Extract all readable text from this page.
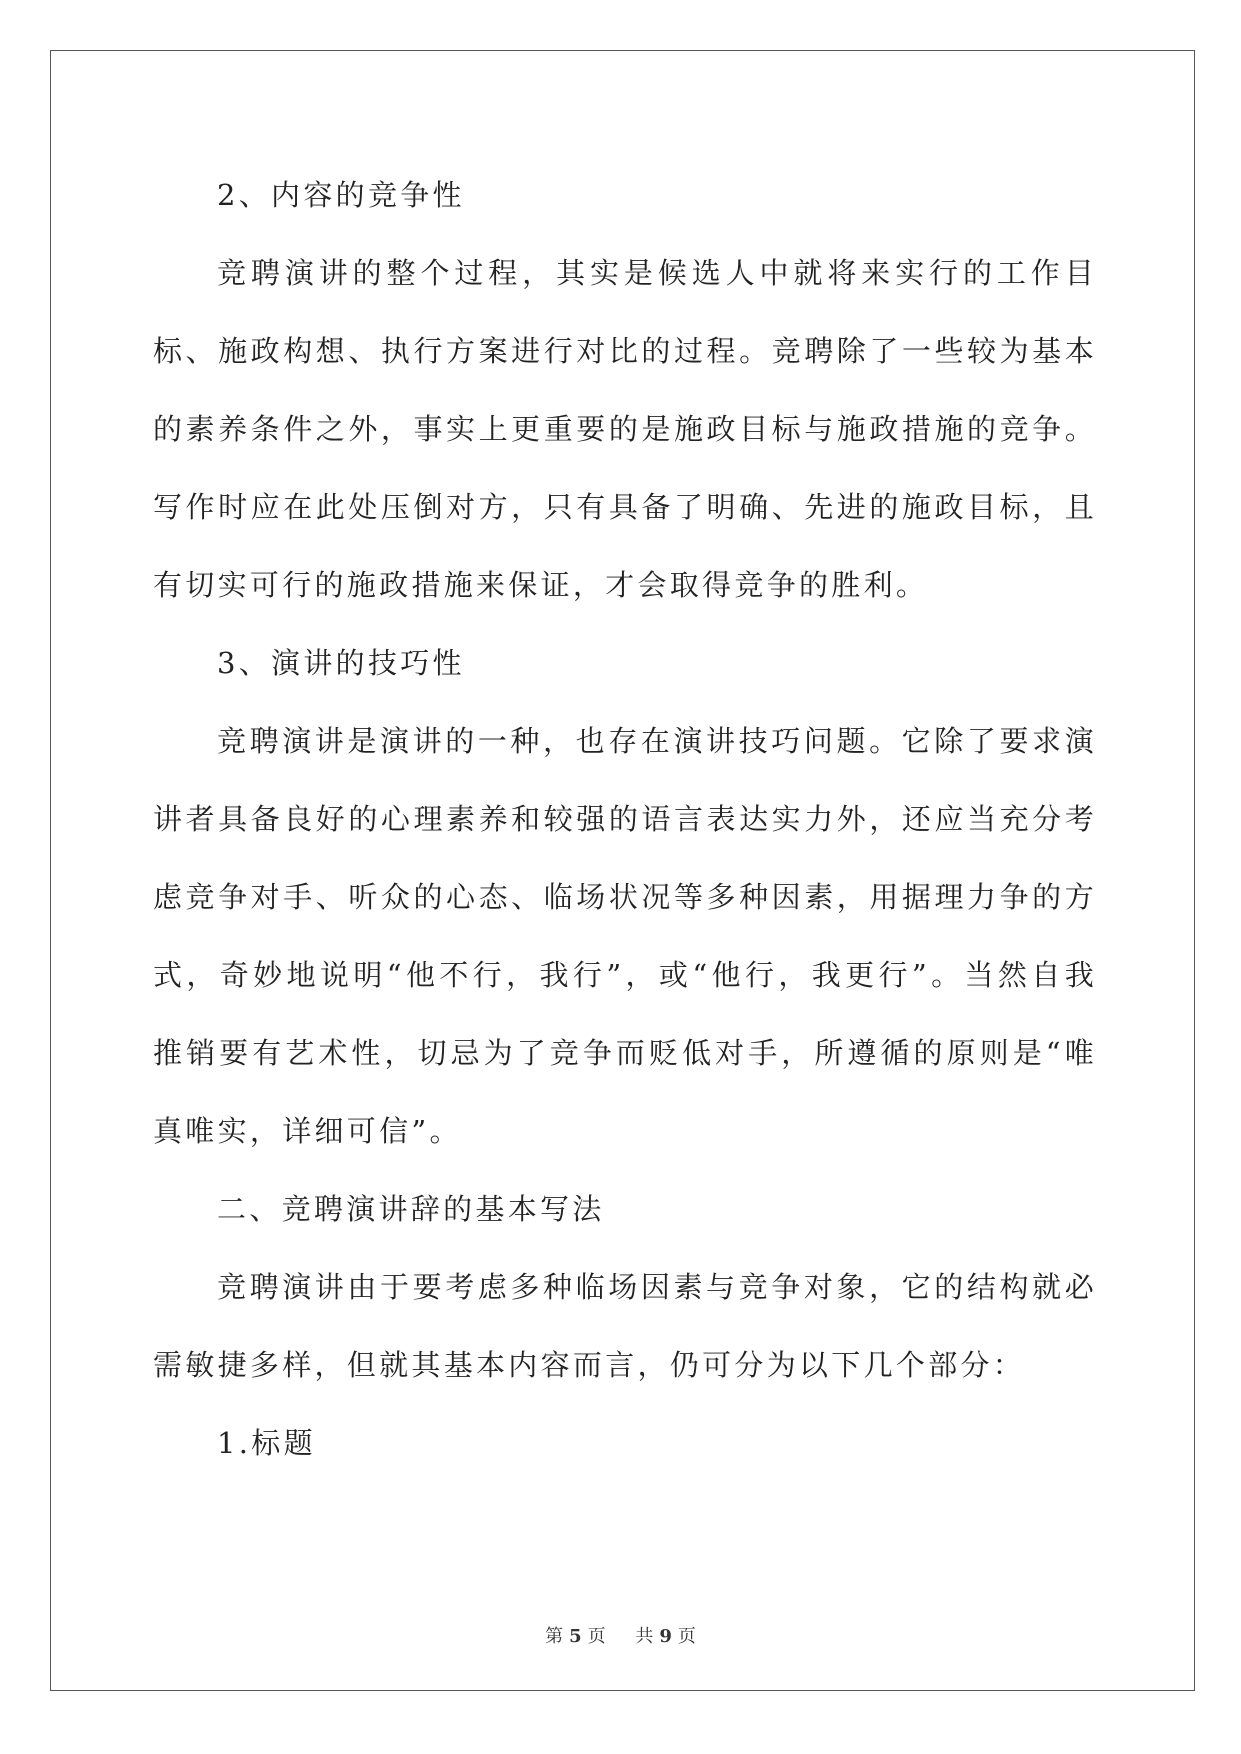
2、内容的竞争性

竞聘演讲的整个过程，其实是候选人中就将来实行的工作目标、施政构想、执行方案进行对比的过程。竞聘除了一些较为基本的素养条件之外，事实上更重要的是施政目标与施政措施的竞争。写作时应在此处压倒对方，只有具备了明确、先进的施政目标，且有切实可行的施政措施来保证，才会取得竞争的胜利。

3、演讲的技巧性

竞聘演讲是演讲的一种，也存在演讲技巧问题。它除了要求演讲者具备良好的心理素养和较强的语言表达实力外，还应当充分考虑竞争对手、听众的心态、临场状况等多种因素，用据理力争的方式，奇妙地说明“他不行，我行”，或“他行，我更行”。当然自我推销要有艺术性，切忌为了竞争而贬低对手，所遵循的原则是“唯真唯实，详细可信”。

二、竞聘演讲辞的基本写法

竞聘演讲由于要考虑多种临场因素与竞争对象，它的结构就必需敏捷多样，但就其基本内容而言，仍可分为以下几个部分：

1.标题

第 5 页 共 9 页
